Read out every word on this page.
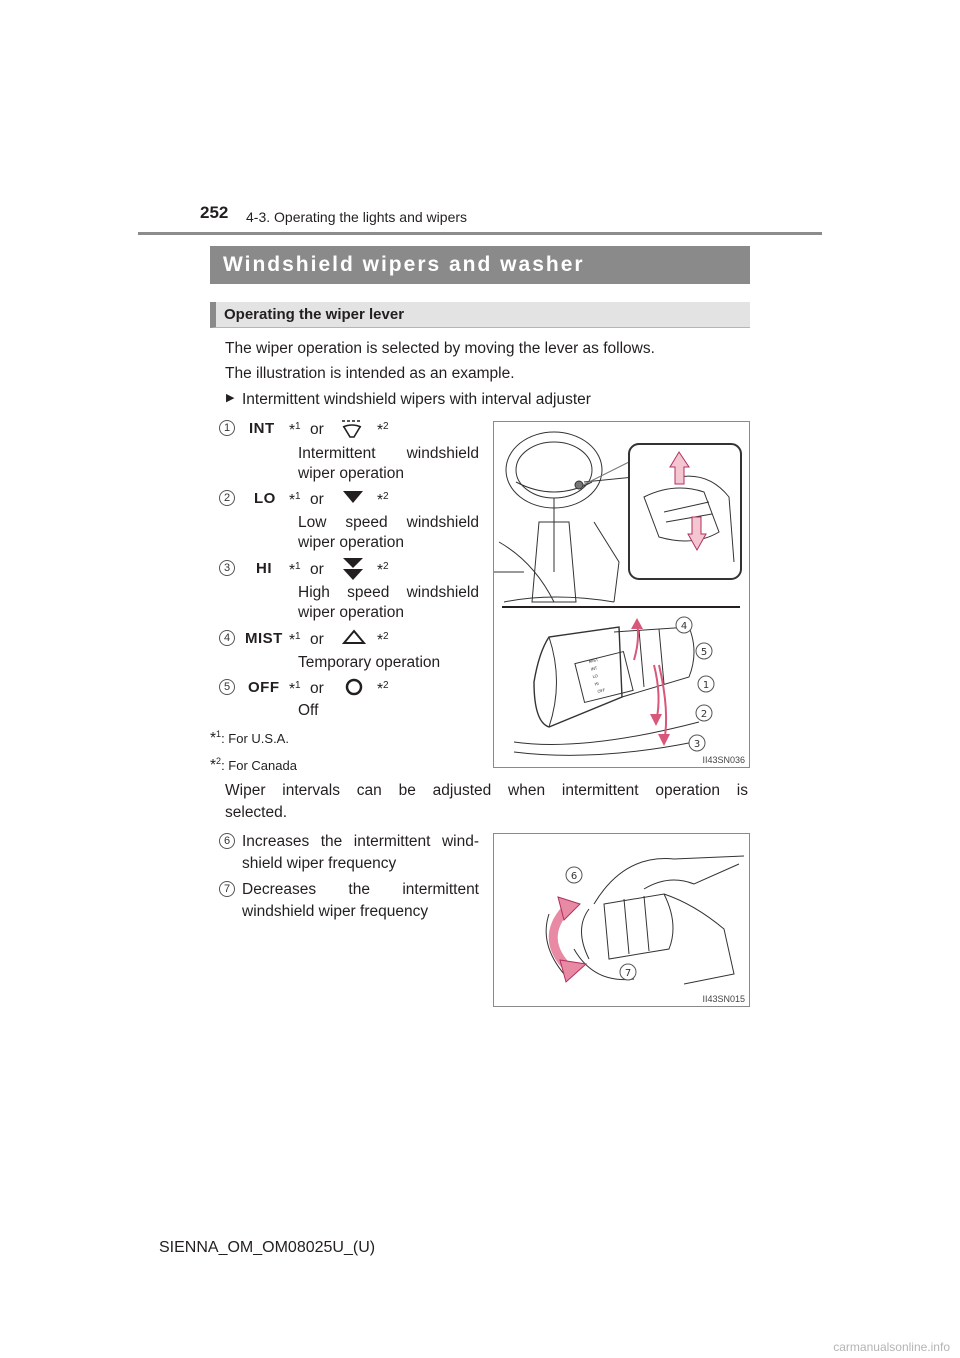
252 4-3. Operating the lights and wipers
Windshield wipers and washer
Operating the wiper lever
The wiper operation is selected by moving the lever as follows.
The illustration is intended as an example.
▶ Intermittent windshield wipers with interval adjuster
1	INT *$^1$ or	*$^2$
Intermittent windshield
wiper operation
2	LO *$^1$ or	*$^2$
Low speed windshield
wiper operation
3	HI *$^1$ or	*$^2$
High speed windshield
wiper operation
4 MIST *$^1$ or	*$^2$
Temporary operation
5	OFF *$^1$ or	*$^2$
Off
*$^1$: For U.S.A.
*$^2$: For Canada
INT
LO
HI
OFF
MIST
4
5
1
2
3
II43SN036
Wiper intervals can be adjusted when intermittent operation is
selected.
6 Increases the intermittent wind-
shield wiper frequency
7 Decreases the intermittent
windshield wiper frequency
6
7
II43SN015
SIENNA_OM_OM08025U_(U)
carmanualsonline.info
